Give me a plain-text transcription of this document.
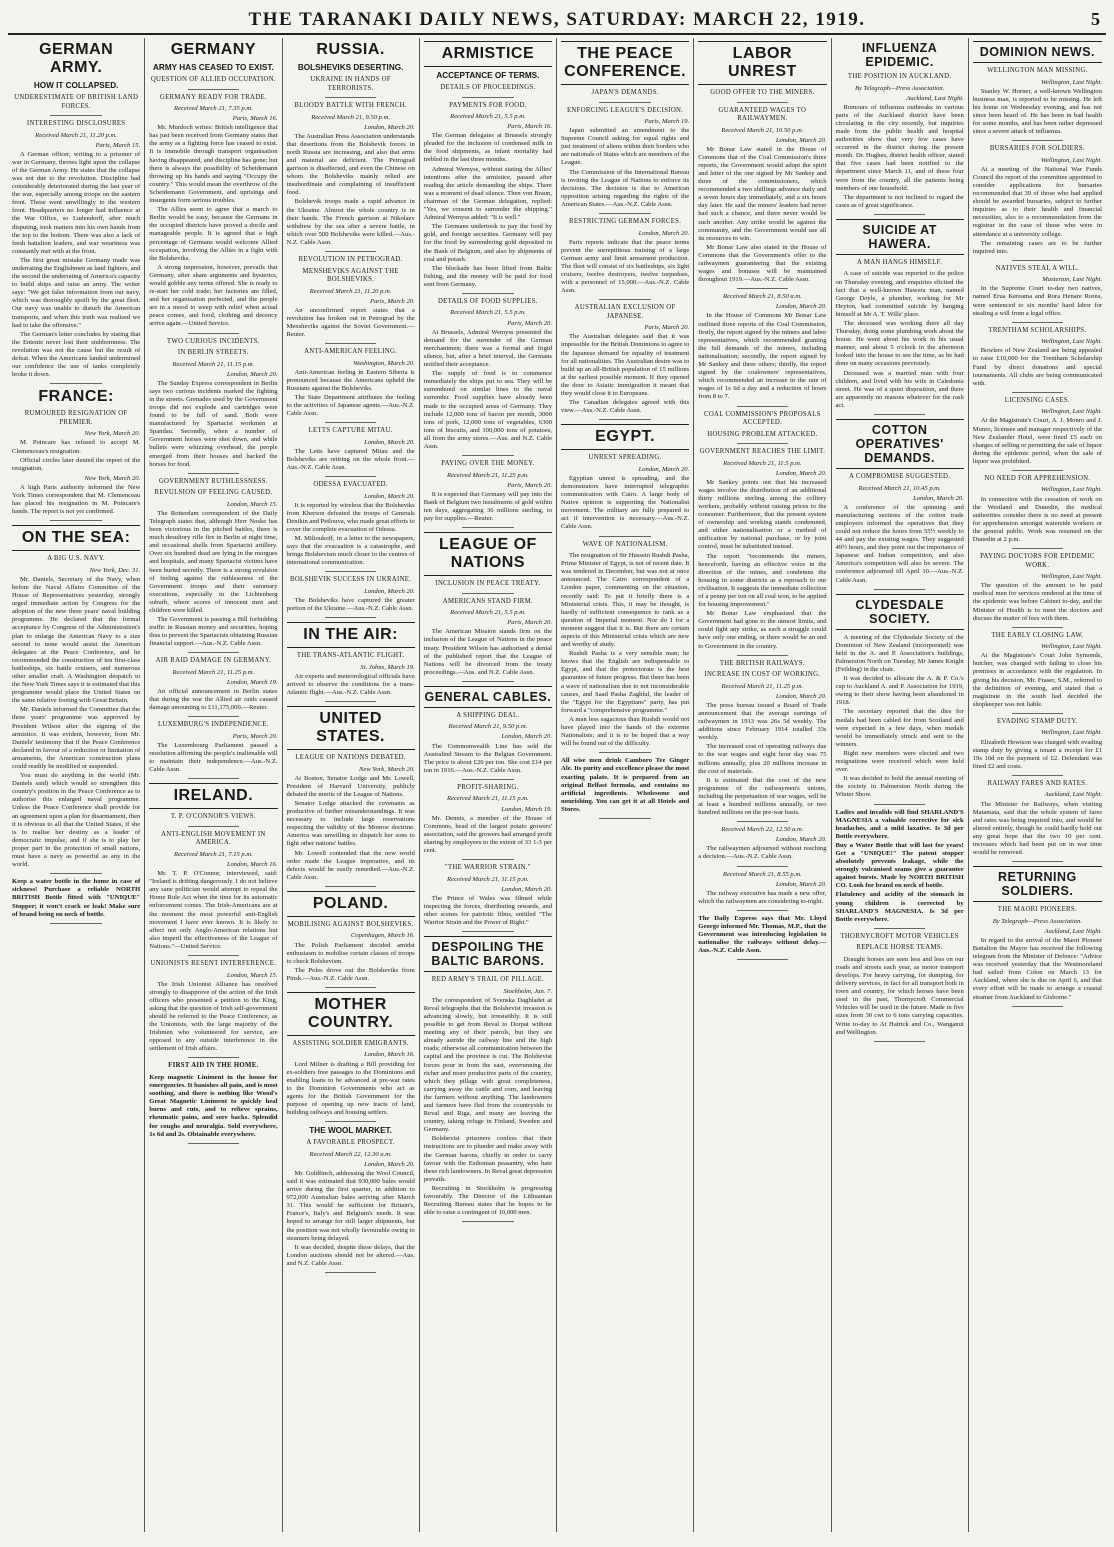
THE TARANAKI DAILY NEWS, SATURDAY: MARCH 22, 1919.	5
GERMAN ARMY.
HOW IT COLLAPSED.
UNDERESTIMATE OF BRITISH LAND FORCES.
INTERESTING DISCLOSURES
Received March 21, 11.20 p.m.
Paris, March 15.

A German officer, writing to a prisoner of war in Germany, throws light upon the collapse of the German Army. He states that the collapse was not due to the revolution. Discipline had considerably deteriorated during the last year of the war, especially among troops on the eastern front. These went unwillingly to the western front. Headquarters no longer had influence at the War Office, so Ludendorff, after much disputing, took matters into his own hands from the top to the bottom. There was also a lack of fresh battalion leaders, and war weariness was constantly met with at the front.

The first great mistake Germany made was underrating the Englishmen as land fighters, and the second the underrating of America's capacity to build ships and raise an army. The writer says: "We got false information from our navy, which was thoroughly spoilt by the great fleet. Our navy was unable to disturb the American transports, and when this truth was realised we had to take the offensive."

The German's letter concludes by stating that the Entente never lost their stubbornness. The revolution was not the cause but the result of defeat. When the Americans landed undermined our confidence the use of tanks completely broke it down.

FRANCE:
RUMOURED RESIGNATION OF PREMIER.
New York, March 20.

M. Poincare has refused to accept M. Clemenceau's resignation.

Official circles later denied the report of the resignation.

New York, March 20.

A high Paris authority informed the New York Times correspondent that M. Clemenceau has placed his resignation in M. Poincare's hands. The report is not yet confirmed.

ON THE SEA:
A BIG U.S. NAVY.
New York, Dec. 31.

Mr. Daniels, Secretary of the Navy, when before the Naval Affairs Committee of the House of Representatives yesterday, strongly urged immediate action by Congress for the adoption of the new three years' naval building programme. He declared that the formal acceptance by Congress of the Administration's plan to enlarge the American Navy to a size second to none would assist the American delegates at the Peace Conference, and he recommended the construction of ten first-class battleships, six battle cruisers, and numerous other smaller craft. A Washington despatch to the New York Times says it is estimated that this programme would place the United States on the same relative footing with Great Britain.

Mr. Daniels informed the Committee that the three years' programme was approved by President Wilson after the signing of the armistice. It was evident, however, from Mr. Daniels' testimony that if the Peace Conference declared in favour of a reduction or limitation of armaments, the American construction plans could readily be modified or suspended.

You must do anything in the world (Mr. Daniels said) which would so strengthen this country's position in the Peace Conference as to authorise this enlarged naval programme. Unless the Peace Conference shall provide for an agreement upon a plan for disarmament, then it is obvious to all that the United States, if she is to realise her destiny as a leader of democratic impulse, and if she is to play her proper part in the protection of small nations, must have a navy as powerful as any in the world.

Keep a water bottle in the home in case of sickness! Purchase a reliable NORTH BRITISH Bottle fitted with "UNIQUE" Stopper; it won't crack or leak! Make sure of brand being on neck of bottle.

GERMANY
ARMY HAS CEASED TO EXIST.
QUESTION OF ALLIED OCCUPATION.
GERMANY READY FOR TRADE.
Received March 21, 7.35 p.m.
Paris, March 16.

Mr. Murdoch writes: British intelligence that has just been received from Germany states that the army as a fighting force has ceased to exist. It is immobile through transport organisation having disappeared, and discipline has gone; but there is always the possibility of Scheidemann throwing up his hands and saying "Occupy the country." This would mean the overthrow of the Scheidemann Government, and uprisings and insurgents form serious troubles.

The Allies seem to agree that a march to Berlin would be easy, because the Germans in the occupied districts have proved a docile and manageable people. It is agreed that a high percentage of Germans would welcome Allied occupation, involving the Allies in a fight with the Bolsheviks.

A strong impression, however, prevails that Germany, after sham arguments and hysterics, would gobble any terms offered. She is ready to re-start her cold trade; her factories are filled, and her organisation perfected, and the people are in a mood to weep with relief when actual peace comes, and food, clothing and decency arrive again.—United Service.

TWO CURIOUS INCIDENTS.
IN BERLIN STREETS.
Received March 21, 11.15 p.m.
London, March 20.

The Sunday Express correspondent in Berlin says two curious incidents marked the fighting in the streets. Grenades used by the Government troops did not explode and cartridges were found to be full of sand. Both were manufactured by Spartacist workmen at Spandau. Secondly, when a number of Government horses were shot down, and while bullets were whizzing overhead, the people emerged from their houses and hacked the horses for food.

GOVERNMENT RUTHLESSNESS.
REVULSION OF FEELING CAUSED.
London, March 15.

The Rotterdam correspondent of the Daily Telegraph states that, although Herr Noske has been victorious in the pitched battles, there is much desultory rifle fire in Berlin at night time, and occasional shells from Spartacist artillery. Over six hundred dead are lying in the morgues and hospitals, and many Spartacist victims have been buried secretly. There is a strong revulsion of feeling against the ruthlessness of the Government troops and their summary executions, especially in the Lichtenberg suburb, where scores of innocent men and children were killed.

The Government is passing a Bill forbidding traffic in Russian money and securities, hoping thus to prevent the Spartacists obtaining Russian financial support.—Aus.-N.Z. Cable Assn.

AIR RAID DAMAGE IN GERMANY.
Received March 21, 11.25 p.m.
London, March 19.

An official announcement in Berlin states that during the war the Allied air raids caused damage amounting to £11,175,000.—Reuter.

LUXEMBURG'S INDEPENDENCE.
Paris, March 20.

The Luxembourg Parliament passed a resolution affirming the people's inalienable will to maintain their independence.—Aus.-N.Z. Cable Assn.

IRELAND.
T. P. O'CONNOR'S VIEWS.
ANTI-ENGLISH MOVEMENT IN AMERICA.
Received March 21, 7.15 p.m.
London, March 16.

Mr. T. P. O'Connor, interviewed, said: "Ireland is drifting dangerously. I do not believe any sane politician would attempt to repeal the Home Rule Act when the time for its automatic enforcement comes. The Irish-Americans are at the moment the most powerful anti-English movement I have ever known. It is likely to affect not only Anglo-American relations but also imperil the effectiveness of the League of Nations."—United Service.

UNIONISTS RESENT INTERFERENCE.
London, March 15.

The Irish Unionist Alliance has resolved strongly to disapprove of the action of the Irish officers who presented a petition to the King, asking that the question of Irish self-government should be referred to the Peace Conference, as the Unionists, with the large majority of the Irishmen who volunteered for service, are opposed to any outside interference in the settlement of Irish affairs.

FIRST AID IN THE HOME.

Keep magnetic Liniment in the house for emergencies. It banishes all pain, and is most soothing, and there is nothing like Wood's Great Magnetic Liniment to quickly heal burns and cuts, and to relieve sprains, rheumatic pains, and sore backs. Splendid for coughs and neuralgia. Sold everywhere, 1s 6d and 2s. Obtainable everywhere.

RUSSIA.
BOLSHEVIKS DESERTING.
UKRAINE IN HANDS OF TERRORISTS.
BLOODY BATTLE WITH FRENCH.
Received March 21, 9.50 p.m.
London, March 20.

The Australian Press Association understands that desertions from the Bolshevik forces in north Russia are increasing, and also that arms and material are deficient. The Petrograd garrison is disaffected, and even the Chinese on whom the Bolsheviks mainly relied are insubordinate and complaining of insufficient food.

Bolshevik troops made a rapid advance in the Ukraine. Almost the whole country is in their hands. The French garrison at Nikolaev withdrew by the sea after a severe battle, in which over 500 Bolsheviks were killed.—Aus.-N.Z. Cable Assn.

REVOLUTION IN PETROGRAD.
MENSHEVIKS AGAINST THE BOLSHEVIKS.
Received March 21, 11.20 p.m.
Paris, March 20.

An unconfirmed report states that a revolution has broken out in Petrograd by the Mensheviks against the Soviet Government.—Reuter.

ANTI-AMERICAN FEELING.
Washington, March 20.

Anti-American feeling in Eastern Siberia is pronounced because the Americans upheld the Russians against the Bolsheviks.

The State Department attributes the feeling to the activities of Japanese agents.—Aus.-N.Z. Cable Assn.

LETTS CAPTURE MITAU.
London, March 20.

The Letts have captured Mitau and the Bolsheviks are retiring on the whole front.—Aus.-N.Z. Cable Assn.

ODESSA EVACUATED.
London, March 20.

It is reported by wireless that the Bolsheviks from Kherson defeated the troops of Generals Denikin and Petlouva, who made great efforts to cover the complete evacuation of Odessa.

M. Milioukoff, in a letter to the newspapers, says that the evacuation is a catastrophe, and brings Bolshevism much closer to the centres of international communication.

BOLSHEVIK SUCCESS IN UKRAINE.
London, March 20.

The Bolsheviks have captured the greater portion of the Ukraine.—Aus.-N.Z. Cable Assn.

IN THE AIR:
THE TRANS-ATLANTIC FLIGHT.
St. Johns, March 19.

Air experts and meteorological officials have arrived to observe the conditions for a trans-Atlantic flight.—Aus.-N.Z. Cable Assn.

UNITED STATES.
LEAGUE OF NATIONS DEBATED.
New York, March 20.

At Boston, Senator Lodge and Mr. Lowell, President of Harvard University, publicly debated the merits of the League of Nations.

Senator Lodge attacked the covenants as productive of further misunderstandings. It was necessary to include large reservations respecting the validity of the Monroe doctrine. America was unwilling to dispatch her sons to fight other nations' battles.

Mr. Lowell contended that the new world order made the League imperative, and its defects would be easily remedied.—Aus.-N.Z. Cable Assn.

POLAND.
MOBILISING AGAINST BOLSHEVIKS.
Copenhagen, March 16.

The Polish Parliament decided amidst enthusiasm to mobilise certain classes of troops to check Bolshevism.

The Poles drove out the Bolsheviks from Pinsk.—Aus.-N.Z. Cable Assn.

MOTHER COUNTRY.
ASSISTING SOLDIER EMIGRANTS.
London, March 16.

Lord Milner is drafting a Bill providing for ex-soldiers free passages to the Dominions and enabling loans to be advanced at pre-war rates to the Dominion Governments who act as agents for the British Government for the purpose of opening up new tracts of land, building railways and housing settlers.

THE WOOL MARKET.
A FAVORABLE PROSPECT.
Received March 22, 12.30 a.m.
London, March 20.

Mr. Goldfinch, addressing the Wool Council, said it was estimated that 930,000 bales would arrive during the first quarter, in addition to 972,000 Australian bales arriving after March 31. This would be sufficient for Britain's, France's, Italy's and Belgium's needs. It was hoped to arrange for still larger shipments, but the position was not wholly favourable owing to steamers being delayed.

It was decided, despite these delays, that the London auctions should not be altered.—Aus. and N.Z. Cable Assn.

ARMISTICE
ACCEPTANCE OF TERMS.
DETAILS OF PROCEEDINGS.
PAYMENTS FOR FOOD.
Received March 21, 5.5 p.m.
Paris, March 16.

The German delegates at Brussels strongly pleaded for the inclusion of condensed milk in the food shipments, as infant mortality had trebled in the last three months.

Admiral Wemyss, without stating the Allies' intentions after the armistice, passed after reading the article demanding the ships. There was a moment of dead silence. Then von Braun, chairman of the German delegation, replied: "Yes, we consent to surrender the shipping." Admiral Wemyss added: "It is well."

The Germans undertook to pay the food by gold, and foreign securities. Germany will pay for the food by surrendering gold deposited in the Bank of Belgium, and also by shipments of coal and potash.

The blockade has been lifted from Baltic fishing, and the money will be paid for food sent from Germany.

DETAILS OF FOOD SUPPLIES.
Received March 21, 5.5 p.m.
Paris, March 20.

At Brussels, Admiral Wemyss presented the demand for the surrender of the German merchantmen; there was a formal and frigid silence, but, after a brief interval, the Germans notified their acceptance.

The supply of food is to commence immediately the ships put to sea. They will be surrendered on similar lines to the naval surrender. Food supplies have already been made to the occupied areas of Germany. They include 12,000 tons of bacon per month, 3000 tons of pork, 12,000 tons of vegetables, 6300 tons of biscuits, and 100,000 tons of potatoes, all from the army stores.—Aus. and N.Z. Cable Assn.

PAYING OVER THE MONEY.
Received March 21, 11.25 p.m.
Paris, March 20.

It is expected that Germany will pay into the Bank of Belgium two instalments of gold within ten days, aggregating 36 millions sterling, to pay for supplies.—Reuter.

LEAGUE OF NATIONS
INCLUSION IN PEACE TREATY.
AMERICANS STAND FIRM.
Received March 21, 5.5 p.m.
Paris, March 20.

The American Mission stands firm on the inclusion of the League of Nations in the peace treaty. President Wilson has authorised a denial of the published report that the League of Nations will be divorced from the treaty proceedings.—Aus. and N.Z. Cable Assn.

GENERAL CABLES.
A SHIPPING DEAL.
Received March 21, 9.50 p.m.
London, March 20.

The Commonwealth Line has sold the Australind Stream to the Belgian Government. The price is about £20 per ton. She cost £14 per ton in 1916.—Aus.-N.Z. Cable Assn.

PROFIT-SHARING.
Received March 21, 11.15 p.m.
London, March 19.

Mr. Dennis, a member of the House of Commons, head of the largest potato growers' association, said the growers had arranged profit sharing by employees to the extent of 33 1-3 per cent.

"THE WARRIOR STRAIN."
Received March 21, 11.15 p.m.
London, March 20.

The Prince of Wales was filmed while inspecting the forces, distributing rewards, and other scenes for patriotic films, entitled "The Warrior Strain and the Power of Right."

DESPOILING THE BALTIC BARONS.
RED ARMY'S TRAIL OF PILLAGE.
Stockholm, Jan. 7.

The correspondent of Svenska Dagbladet at Reval telegraphs that the Bolshevist invasion is advancing slowly, but irresistibly. It is still possible to get from Reval to Dorpat without meeting any of their patrols, but they are already astride the railway line and the high roads; otherwise all communication between the capital and the province is cut. The Bolshevist forces pour in from the east, overrunning the richer and more productive parts of the country, which they pillage with great completeness, carrying away the cattle and corn, and leaving the farmers without anything. The landowners and farmers have fled from the countryside to Reval and Riga, and many are leaving the country, taking refuge in Finland, Sweden and Germany.

Bolshevist prisoners confess that their instructions are to plunder and make away with the German barons, chiefly in order to carry favour with the Esthonian peasantry, who hate these rich landowners. In Reval great depression prevails.

Recruiting in Stockholm is progressing favourably. The Director of the Lithuanian Recruiting Bureau states that he hopes to be able to raise a contingent of 10,000 men.

THE PEACE CONFERENCE.
JAPAN'S DEMANDS.
ENFORCING LEAGUE'S DECISION.
Paris, March 19.

Japan submitted an amendment to the Supreme Council asking for equal rights and just treatment of aliens within their borders who are nationals of States which are members of the League.

The Commission of the International Bureau is inviting the League of Nations to enforce its decisions. The decision is due to American opposition arising regarding the rights of the American States.—Aus.-N.Z. Cable Assn.

RESTRICTING GERMAN FORCES.
London, March 20.

Paris reports indicate that the peace terms prevent the surreptitious training of a large German army and limit armament production. The fleet will consist of six battleships, six light cruisers, twelve destroyers, twelve torpedoes, with a personnel of 15,000.—Aus.-N.Z. Cable Assn.

AUSTRALIAN EXCLUSION OF JAPANESE.
Paris, March 20.

The Australian delegates said that it was impossible for the British Dominions to agree to the Japanese demand for equality of treatment for all nationalities. The Australian desire was to build up an all-British population of 15 millions at the earliest possible moment. If they opened the door to Asiatic immigration it meant that they would close it to Europeans.

The Canadian delegates agreed with this view.—Aus.-N.Z. Cable Assn.

EGYPT.
UNREST SPREADING.
London, March 20.

Egyptian unrest is spreading, and the demonstrators have interrupted telegraphic communication with Cairo. A large body of Native opinion is supporting the Nationalist movement. The military are fully prepared to act if intervention is necessary.—Aus.-N.Z. Cable Assn.

WAVE OF NATIONALISM.

The resignation of Sir Hussein Rushdi Pasha, Prime Minister of Egypt, is not of recent date. It was tendered in December, but was not at once announced. The Cairo correspondent of a London paper, commenting on the situation, recently said: To put it briefly there is a Ministerial crisis. This, it may be thought, is hardly of sufficient consequence to rank as a question of Imperial moment. Nor do I for a moment suggest that it is. But there are certain aspects of this Ministerial crisis which are new and worthy of study.

Rushdi Pasha is a very sensible man; he knows that the English are indispensable to Egypt, and that the protectorate is the best guarantee of future progress. But there has been a wave of nationalism due to not inconsiderable causes, and Saad Pasha Zaghlul, the leader of the "Egypt for the Egyptians" party, has put forward a "comprehensive programme."

A man less sagacious than Rushdi would not have played into the hands of the extreme Nationalists; and it is to be hoped that a way will be found out of the difficulty.

All wise men drink Camboro Tee Ginger Ale. Its purity and excellence please the most exacting palate. It is prepared from an original Belfast formula, and contains no artificial ingredients. Wholesome and nourishing. You can get it at all Hotels and Stores.

LABOR UNREST
GOOD OFFER TO THE MINERS.
GUARANTEED WAGES TO RAILWAYMEN.
Received March 21, 10.50 p.m.
London, March 20.

Mr Bonar Law stated in the House of Commons that of the Coal Commission's three reports, the Government would adopt the spirit and letter of the one signed by Mr Sankey and three of the commissioners, which recommended a two shillings advance daily and a seven hours day immediately, and a six hours day later. He said the miners' leaders had never had such a chance, and there never would be such another. Any strike would be against the community, and the Government would use all its resources to win.

Mr Bonar Law also stated in the House of Commons that the Government's offer to the railwaymen guaranteeing that the existing wages and bonuses will be maintained throughout 1919.—Aus.-N.Z. Cable Assn.

Received March 21, 8.50 a.m.
London, March 20.

In the House of Commons Mr Bonar Law outlined three reports of the Coal Commission, firstly, the report signed by the miners and labor representatives, which recommended granting the full demands of the miners, including nationalisation; secondly, the report signed by Mr Sankey and three others; thirdly, the report signed by the coalowners' representatives, which recommended an increase in the rate of wages of 1s 6d a day and a reduction of hours from 8 to 7.

COAL COMMISSION'S PROPOSALS ACCEPTED.
HOUSING PROBLEM ATTACKED.
GOVERNMENT REACHES THE LIMIT.
Received March 21, 11.5 p.m.
London, March 20.

Mr Sankey points out that his increased wages involve the distribution of an additional thirty millions sterling among the colliery workers, probably without raising prices to the consumer. Furthermore, that the present system of ownership and working stands condemned, and either nationalisation or a method of unification by national purchase, or by joint control, must be substituted instead.

The report "recommends the miners, henceforth, having an effective voice in the direction of the mines, and condemns the housing in some districts as a reproach to our civilisation. It suggests the immediate collection of a penny per ton on all coal won, to be applied for housing improvement."

Mr Bonar Law emphasised that the Government had gone to the utmost limits, and could fight any strike, as each a struggle could have only one ending, or there would be an end to Government in the country.

THE BRITISH RAILWAYS.
INCREASE IN COST OF WORKING.
Received March 21, 11.25 p.m.
London, March 20.

The press bureau issued a Board of Trade announcement that the average earnings of railwaymen in 1913 was 26s 5d weekly. The additions since February 1914 totalled 33s weekly.

The increased cost of operating railways due to the war wages and eight hour day was 75 millions annually, plus 20 millions increase in the cost of materials.

It is estimated that the cost of the new programme of the railwaymen's unions, including the perpetuation of war wages, will be at least a hundred millions annually, or two hundred millions on the pre-war basis.

Received March 22, 12.50 a.m.
London, March 20.

The railwaymen adjourned without reaching a decision.—Aus.-N.Z. Cable Assn.

Received March 21, 8.55 p.m.
London, March 20.

The railway executive has made a new offer, which the railwaymen are considering to-night.

The Daily Express says that Mr. Lloyd George informed Mr. Thomas, M.P., that the Government was introducing legislation to nationalise the railways without delay.—Aus.-N.Z. Cable Assn.

INFLUENZA EPIDEMIC.
THE POSITION IN AUCKLAND.
By Telegraph—Press Association.
Auckland, Last Night.

Rumours of influenza outbreaks in various parts of the Auckland district have been circulating in the city recently, but inquiries made from the public health and hospital authorities show that very few cases have occurred in the district during the present month. Dr. Hughes, district health officer, stated that five cases had been notified to the department since March 11, and of these four were from the country, all the patients being members of one household.

The department is not inclined to regard the cases as of great significance.

SUICIDE AT HAWERA.
A MAN HANGS HIMSELF.

A case of suicide was reported to the police on Thursday evening, and enquiries elicited the fact that a well-known Hawera man, named George Doyle, a plumber, working for Mr Heyton, had committed suicide by hanging himself at Mr A. T. Wills' place.

The deceased was working there all day Thursday, doing some plumbing work about the house. He went about his work in his usual manner, and about 5 o'clock in the afternoon looked into the house to see the time, as he had done on many occasions previously.

Deceased was a married man with four children, and lived with his wife in Caledonia street. He was of a quiet disposition, and there are apparently no reasons whatever for the rash act.

COTTON OPERATIVES' DEMANDS.
A COMPROMISE SUGGESTED.
Received March 21, 10.45 p.m.
London, March 20.

A conference of the spinning and manufacturing sections of the cotton trade employers informed the operatives that they could not reduce the hours from 55½ weekly to 44 and pay the existing wages. They suggested 49½ hours, and they point out the importance of Japanese and Indian competition, and also America's competition will also be severe. The conference adjourned till April 10.—Aus.-N.Z. Cable Assn.

CLYDESDALE SOCIETY.

A meeting of the Clydesdale Society of the Dominion of New Zealand (incorporated) was held in the A. and P. Association's buildings, Palmerston North on Tuesday, Mr James Knight (Feilding) in the chair.

It was decided to allocate the A. & P. Co.'s cup to Auckland A. and P. Association for 1919, owing to their show having been abandoned in 1918.

The secretary reported that the dies for medals had been cabled for from Scotland and were expected in a few days, when medals would be immediately struck and sent to the winners.

Right new members were elected and two resignations were received which were held over.

It was decided to hold the annual meeting of the society in Palmerston North during the Winter Show.

Ladies and invalids will find SHARLAND'S MAGNESIA a valuable corrective for sick headaches, and a mild laxative. Is 3d per Bottle everywhere.

Buy a Water Bottle that will last for years! Get a "UNIQUE!" The patent stopper absolutely prevents leakage, while the strongly vulcanised seams give a guarantee against bursts. Made by NORTH BRITISH CO. Look for brand on neck of bottle.

Flatulency and acidity of the stomach in young children is corrected by SHARLAND'S MAGNESIA. Is 3d per Bottle everywhere.

THORNYCROFT MOTOR VEHICLES
REPLACE HORSE TEAMS.

Draught horses are seen less and less on our roads and streets each year, as motor transport develops. For heavy carrying, for dumping, for delivery services, in fact for all transport both in town and country, for which horses have been used in the past, Thornycroft Commercial Vehicles will be used in the future. Made in five sizes from 30 cwt to 6 tons carrying capacities. Write to-day to At Hatrick and Co., Wanganui and Wellington.

DOMINION NEWS.
WELLINGTON MAN MISSING.
Wellington, Last Night.

Stanley W. Horner, a well-known Wellington business man, is reported to be missing. He left his home on Wednesday evening, and has not since been heard of. He has been in bad health for some months, and has been rather depressed since a severe attack of influenza.

BURSARIES FOR SOLDIERS.
Wellington, Last Night.

At a meeting of the National War Funds Council the report of the committee appointed to consider applications for bursaries recommended that 39 of those who had applied should be awarded bursaries, subject to further inquiries as to their health and financial necessities, also to a recommendation from the registrar in the case of those who were in attendance at a university college.

The remaining cases are to be further inquired into.

NATIVES STEAL A WILL.
Masterton, Last Night.

In the Supreme Court to-day two natives, named Erua Kereama and Rora Henare Rorea, were sentenced to six months' hard labor for stealing a will from a legal office.

TRENTHAM SCHOLARSHIPS.
Wellington, Last Night.

Bowlers of New Zealand are being appealed to raise £10,000 for the Trentham Scholarship Fund by direct donations and special tournaments. All clubs are being communicated with.

LICENSING CASES.
Wellington, Last Night.

At the Magistrate's Court, A. J. Monro and J. Munro, licensee and manager respectively of the New Zealander Hotel, were fined £5 each on charges of selling or permitting the sale of liquor during the epidemic period, when the sale of liquor was prohibited.

NO NEED FOR APPREHENSION.
Wellington, Last Night.

In connection with the cessation of work on the Westland and Dunedin, the medical authorities consider there is no need at present for apprehension amongst waterside workers or the general public. Work was resumed on the Dunedin at 2 p.m.

PAYING DOCTORS FOR EPIDEMIC WORK.
Wellington, Last Night.

The question of the amount to be paid medical men for services rendered at the time of the epidemic was before Cabinet to-day, and the Minister of Health is to meet the doctors and discuss the matter of fees with them.

THE EARLY CLOSING LAW.
Wellington, Last Night.

At the Magistrate's Court John Symonds, butcher, was charged with failing to close his premises in accordance with the regulation. In giving his decision, Mr. Fraser, S.M., referred to the definition of evening, and stated that a magistrate in the south had decided the shopkeeper was not liable.

EVADING STAMP DUTY.
Wellington, Last Night.

Elizabeth Hewison was charged with evading stamp duty by giving a tenant a receipt for £1 19s 10d on the payment of £2. Defendant was fined £2 and costs.

RAILWAY FARES AND RATES.
Auckland, Last Night.

The Minister for Railways, when visiting Matamata, said that the whole system of fares and rates was being inquired into, and would be altered entirely, though he could hardly hold out any great hope that the two 10 per cent. increases which had been put on in war time would be removed.

RETURNING SOLDIERS.
THE MAORI PIONEERS.
By Telegraph—Press Association.
Auckland, Last Night.

In regard to the arrival of the Maori Pioneer Battalion the Mayor has received the following telegram from the Minister of Defence: "Advice was received yesterday that the Westmoreland had sailed from Colon on March 13 for Auckland, where she is due on April 6, and that every effort will be made to arrange a coastal steamer from Auckland to Gisborne."
